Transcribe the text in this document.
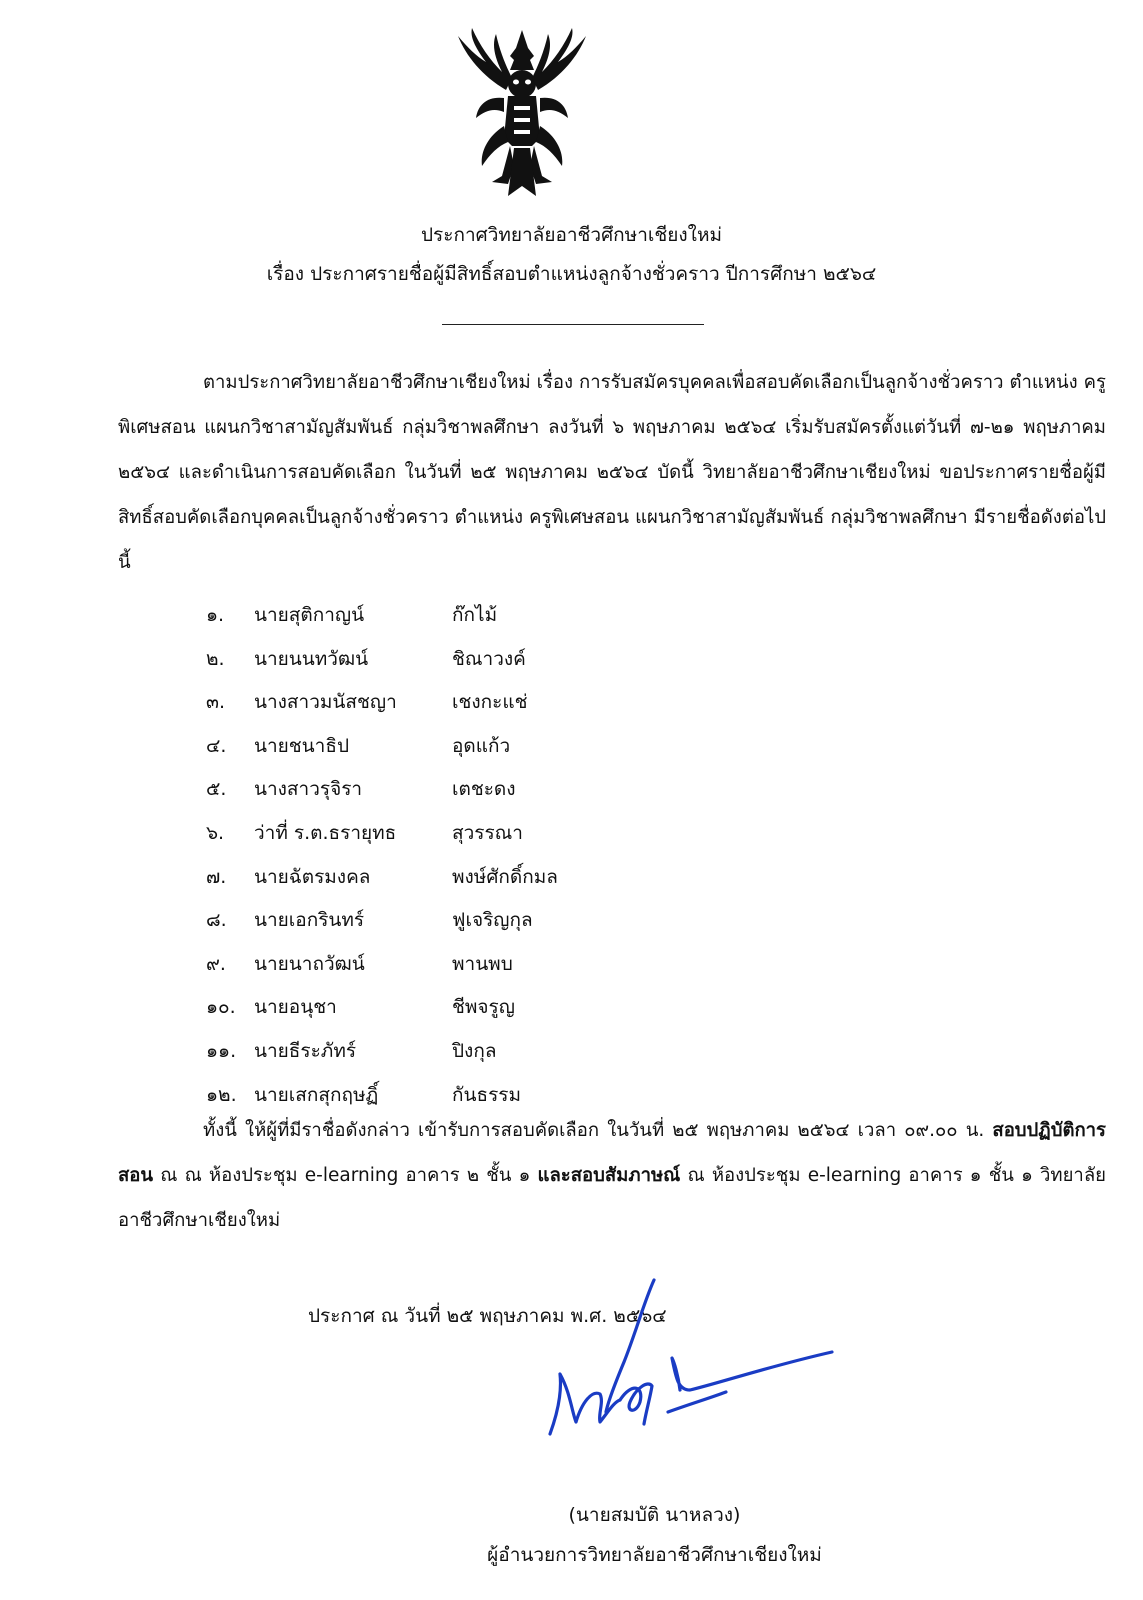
ประกาศวิทยาลัยอาชีวศึกษาเชียงใหม่
เรื่อง ประกาศรายชื่อผู้มีสิทธิ์สอบตำแหน่งลูกจ้างชั่วคราว ปีการศึกษา ๒๕๖๔
ตามประกาศวิทยาลัยอาชีวศึกษาเชียงใหม่ เรื่อง การรับสมัครบุคคลเพื่อสอบคัดเลือกเป็นลูกจ้างชั่วคราว ตำแหน่ง ครูพิเศษสอน แผนกวิชาสามัญสัมพันธ์ กลุ่มวิชาพลศึกษา ลงวันที่ ๖ พฤษภาคม ๒๕๖๔ เริ่มรับสมัครตั้งแต่วันที่ ๗-๒๑ พฤษภาคม ๒๕๖๔ และดำเนินการสอบคัดเลือก ในวันที่ ๒๕ พฤษภาคม ๒๕๖๔ บัดนี้ วิทยาลัยอาชีวศึกษาเชียงใหม่ ขอประกาศรายชื่อผู้มีสิทธิ์สอบคัดเลือกบุคคลเป็นลูกจ้างชั่วคราว ตำแหน่ง ครูพิเศษสอน แผนกวิชาสามัญสัมพันธ์ กลุ่มวิชาพลศึกษา มีรายชื่อดังต่อไปนี้
๑.	นายสุติกาญน์	ก๊กไม้
๒.	นายนนทวัฒน์	ชิณาวงค์
๓.	นางสาวมนัสชญา	เชงกะแช่
๔.	นายชนาธิป	อุดแก้ว
๕.	นางสาวรุจิรา	เตชะดง
๖.	ว่าที่ ร.ต.ธรายุทธ	สุวรรณา
๗.	นายฉัตรมงคล	พงษ์ศักดิ์กมล
๘.	นายเอกรินทร์	ฟูเจริญกุล
๙.	นายนาถวัฒน์	พานพบ
๑๐. นายอนุชา	ชีพจรูญ
๑๑. นายธีระภัทร์	ปิงกุล
๑๒. นายเสกสุกฤษฏิ์	กันธรรม
ทั้งนี้ ให้ผู้ที่มีราชื่อดังกล่าว เข้ารับการสอบคัดเลือก ในวันที่ ๒๕ พฤษภาคม ๒๕๖๔ เวลา ๐๙.๐๐ น. สอบปฏิบัติการสอน ณ ณ ห้องประชุม e-learning อาคาร ๒ ชั้น ๑ และสอบสัมภาษณ์ ณ ห้องประชุม e-learning อาคาร ๑ ชั้น ๑ วิทยาลัยอาชีวศึกษาเชียงใหม่
ประกาศ ณ วันที่ ๒๕ พฤษภาคม พ.ศ. ๒๕๖๔
(นายสมบัติ นาหลวง)
ผู้อำนวยการวิทยาลัยอาชีวศึกษาเชียงใหม่
